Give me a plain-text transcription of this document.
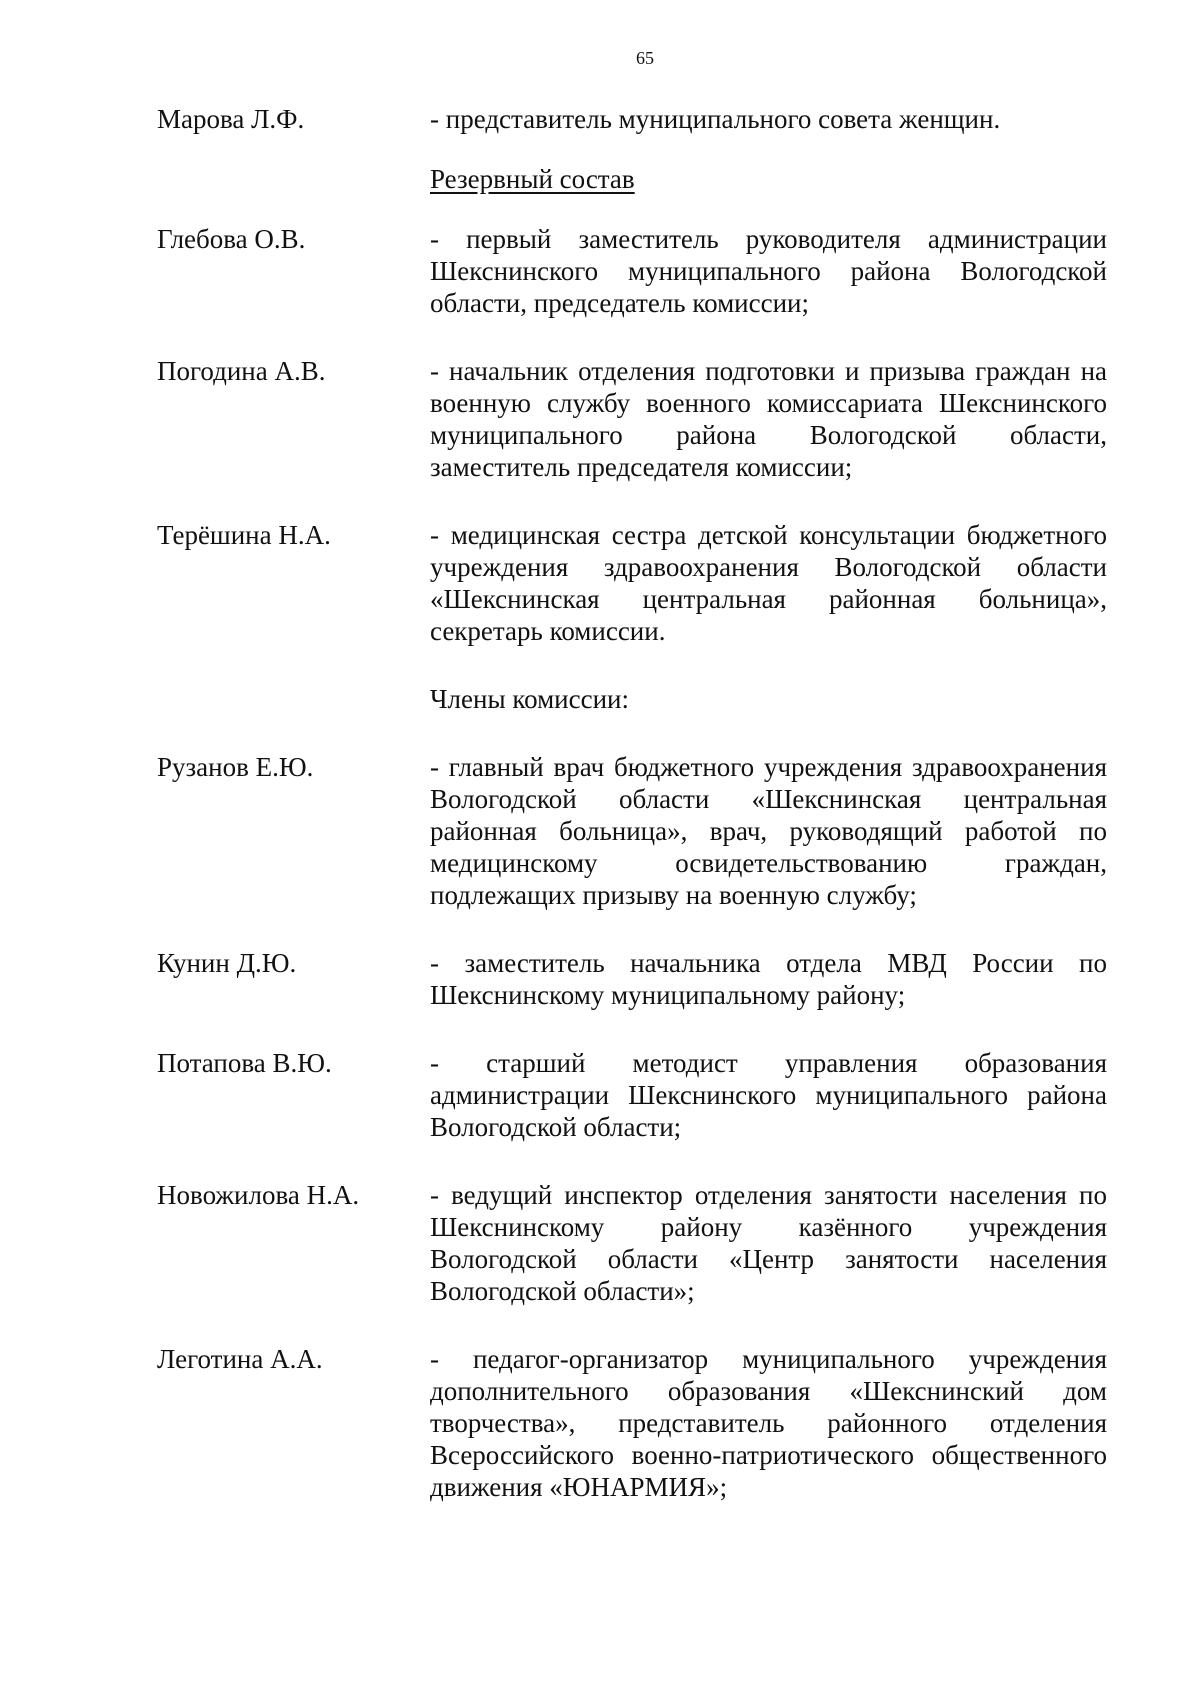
65
Марова Л.Ф.	- представитель муниципального совета женщин.
Резервный состав
Глебова О.В.	- первый заместитель руководителя администрации Шекснинского муниципального района Вологодской области, председатель комиссии;
Погодина А.В.	- начальник отделения подготовки и призыва граждан на военную службу военного комиссариата Шекснинского муниципального района Вологодской области, заместитель председателя комиссии;
Терёшина Н.А.	- медицинская сестра детской консультации бюджетного учреждения здравоохранения Вологодской области «Шекснинская центральная районная больница», секретарь комиссии.
Члены комиссии:
Рузанов Е.Ю.	- главный врач бюджетного учреждения здравоохранения Вологодской области «Шекснинская центральная районная больница», врач, руководящий работой по медицинскому освидетельствованию граждан, подлежащих призыву на военную службу;
Кунин Д.Ю.	- заместитель начальника отдела МВД России по Шекснинскому муниципальному району;
Потапова В.Ю.	- старший методист управления образования администрации Шекснинского муниципального района Вологодской области;
Новожилова Н.А.	- ведущий инспектор отделения занятости населения по Шекснинскому району казённого учреждения Вологодской области «Центр занятости населения Вологодской области»;
Леготина А.А.	- педагог-организатор муниципального учреждения дополнительного образования «Шекснинский дом творчества», представитель районного отделения Всероссийского военно-патриотического общественного движения «ЮНАРМИЯ»;
